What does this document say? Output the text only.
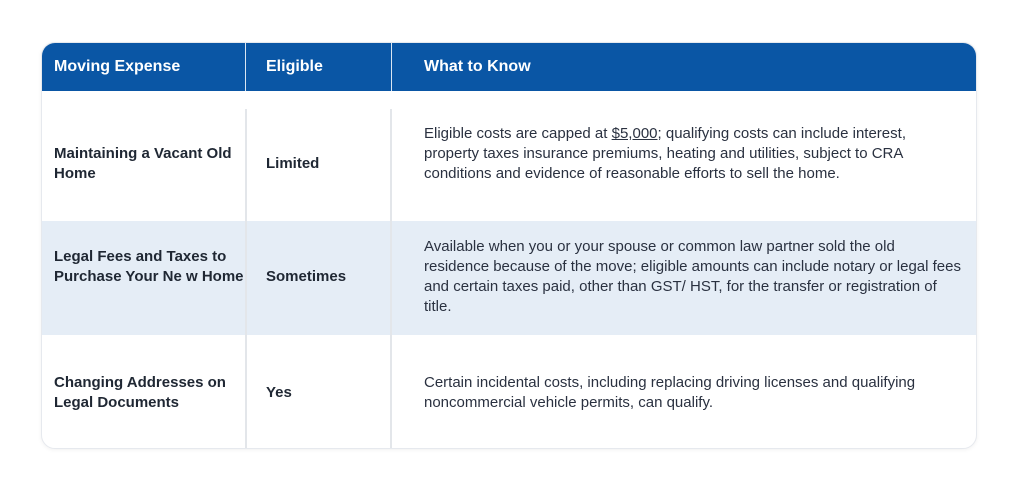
Moving Expense	Eligible	What to Know
Maintaining a Vacant Old Home
Limited
Eligible costs are capped at $5,000; qualifying costs can include interest, property taxes insurance premiums, heating and utilities, subject to CRA conditions and evidence of reasonable efforts to sell the home.
Legal Fees and Taxes to Purchase Your Ne w Home Sometimes
Available when you or your spouse or common law partner sold the old residence because of the move; eligible amounts can include notary or legal fees and certain taxes paid, other than GST/ HST, for the transfer or registration of title.
Changing Addresses on Legal Documents
Yes
Certain incidental costs, including replacing driving licenses and qualifying noncommercial vehicle permits, can qualify.
